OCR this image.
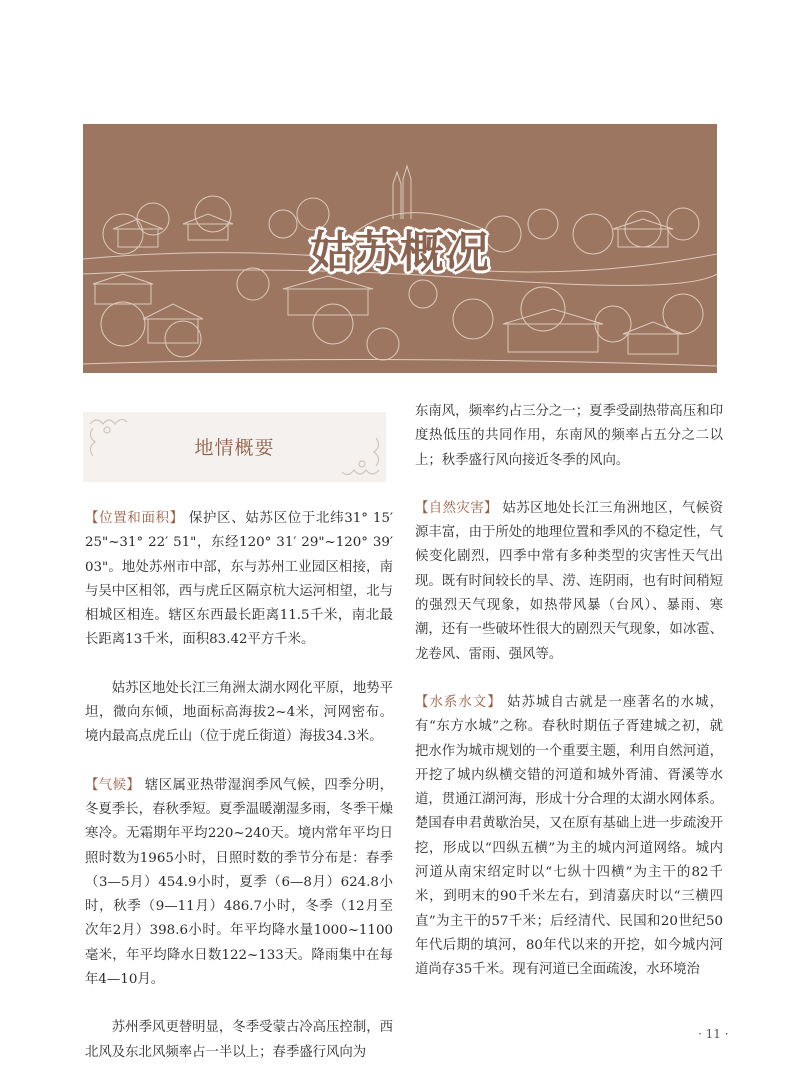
姑苏概况
地情概要

【位置和面积】 保护区、姑苏区位于北纬31° 15′ 25"~31° 22′ 51"，东经120° 31′ 29"~120° 39′ 03"。地处苏州市中部，东与苏州工业园区相接，南与吴中区相邻，西与虎丘区隔京杭大运河相望，北与相城区相连。辖区东西最长距离11.5千米，南北最长距离13千米，面积83.42平方千米。

姑苏区地处长江三角洲太湖水网化平原，地势平坦，微向东倾，地面标高海拔2~4米，河网密布。境内最高点虎丘山（位于虎丘街道）海拔34.3米。

【气候】 辖区属亚热带湿润季风气候，四季分明，冬夏季长，春秋季短。夏季温暖潮湿多雨，冬季干燥寒冷。无霜期年平均220~240天。境内常年平均日照时数为1965小时，日照时数的季节分布是：春季（3—5月）454.9小时，夏季（6—8月）624.8小时，秋季（9—11月）486.7小时，冬季（12月至次年2月）398.6小时。年平均降水量1000~1100毫米，年平均降水日数122~133天。降雨集中在每年4—10月。

苏州季风更替明显，冬季受蒙古冷高压控制，西北风及东北风频率占一半以上；春季盛行风向为

东南风，频率约占三分之一；夏季受副热带高压和印度热低压的共同作用，东南风的频率占五分之二以上；秋季盛行风向接近冬季的风向。

【自然灾害】 姑苏区地处长江三角洲地区，气候资源丰富，由于所处的地理位置和季风的不稳定性，气候变化剧烈，四季中常有多种类型的灾害性天气出现。既有时间较长的旱、涝、连阴雨，也有时间稍短的强烈天气现象，如热带风暴（台风）、暴雨、寒潮，还有一些破坏性很大的剧烈天气现象，如冰雹、龙卷风、雷雨、强风等。

【水系水文】 姑苏城自古就是一座著名的水城，有“东方水城”之称。春秋时期伍子胥建城之初，就把水作为城市规划的一个重要主题，利用自然河道，开挖了城内纵横交错的河道和城外胥浦、胥溪等水道，贯通江湖河海，形成十分合理的太湖水网体系。楚国春申君黄歇治吴，又在原有基础上进一步疏浚开挖，形成以“四纵五横”为主的城内河道网络。城内河道从南宋绍定时以“七纵十四横”为主干的82千米，到明末的90千米左右，到清嘉庆时以“三横四直”为主干的57千米；后经清代、民国和20世纪50年代后期的填河，80年代以来的开挖，如今城内河道尚存35千米。现有河道已全面疏浚，水环境治

· 11 ·
